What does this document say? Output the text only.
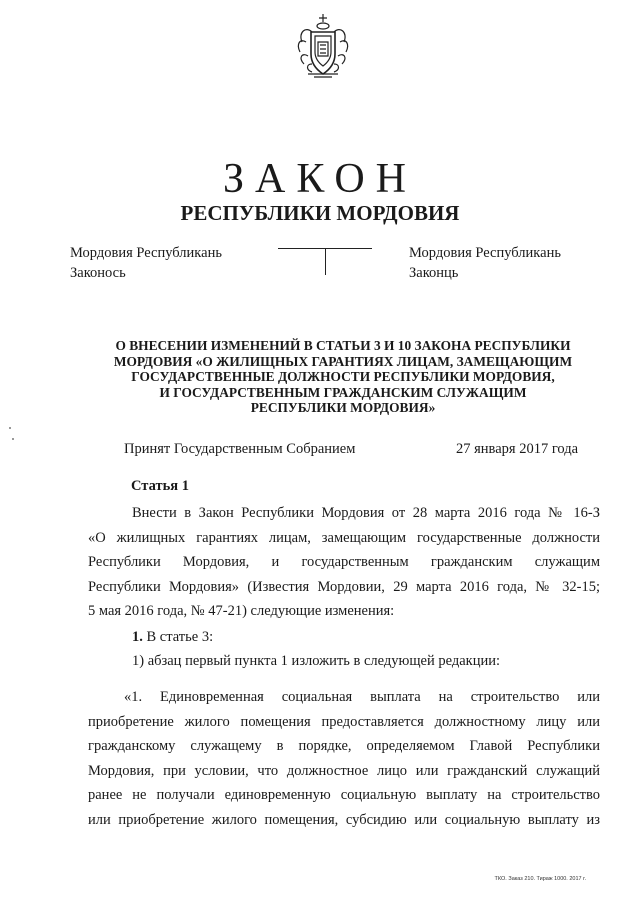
ЗАКОН
РЕСПУБЛИКИ МОРДОВИЯ
Мордовия Республикань
Законось
Мордовия Республикань
Законць
О ВНЕСЕНИИ ИЗМЕНЕНИЙ В СТАТЬИ 3 И 10 ЗАКОНА РЕСПУБЛИКИ
МОРДОВИЯ «О ЖИЛИЩНЫХ ГАРАНТИЯХ ЛИЦАМ, ЗАМЕЩАЮЩИМ
ГОСУДАРСТВЕННЫЕ ДОЛЖНОСТИ РЕСПУБЛИКИ МОРДОВИЯ,
И ГОСУДАРСТВЕННЫМ ГРАЖДАНСКИМ СЛУЖАЩИМ
РЕСПУБЛИКИ МОРДОВИЯ»
Принят Государственным Собранием	27 января 2017 года
Статья 1
Внести в Закон Республики Мордовия от 28 марта 2016 года № 16-З
«О жилищных гарантиях лицам, замещающим государственные должности
Республики Мордовия, и государственным гражданским служащим
Республики Мордовия» (Известия Мордовии, 29 марта 2016 года, № 32-15;
5 мая 2016 года, № 47-21) следующие изменения:
1. В статье 3:
1) абзац первый пункта 1 изложить в следующей редакции:
«1. Единовременная социальная выплата на строительство или
приобретение жилого помещения предоставляется должностному лицу или
гражданскому служащему в порядке, определяемом Главой Республики
Мордовия, при условии, что должностное лицо или гражданский служащий
ранее не получали единовременную социальную выплату на строительство
или приобретение жилого помещения, субсидию или социальную выплату из
ТКО. Заказ 210. Тираж 1000. 2017 г.
